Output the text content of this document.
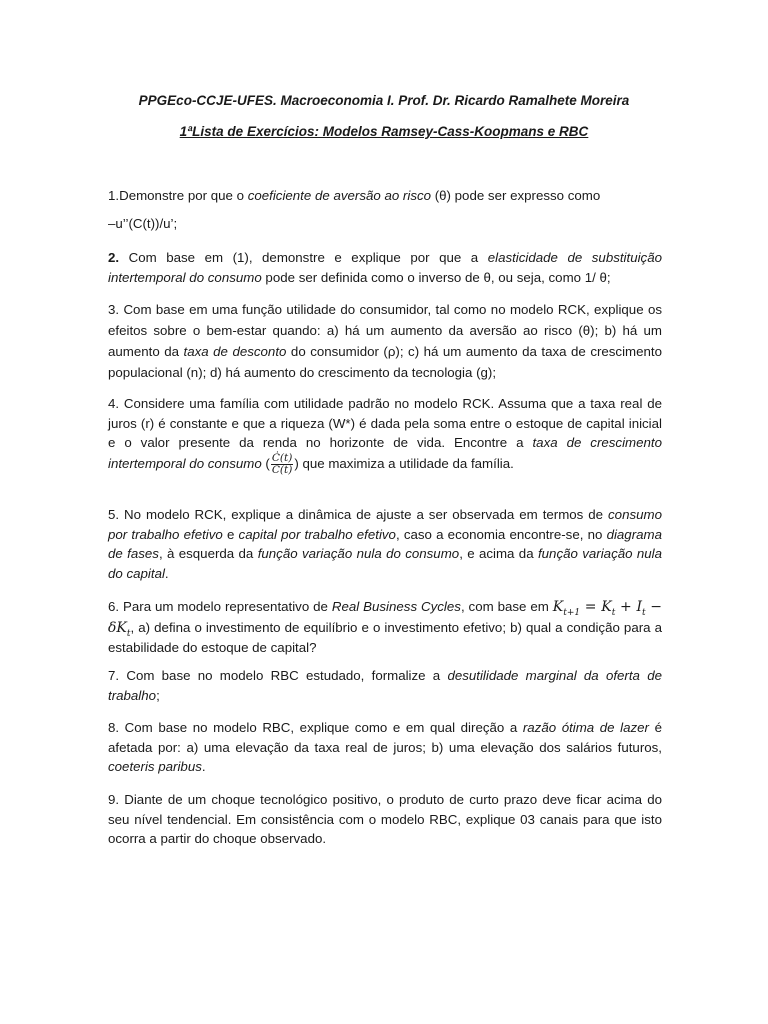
PPGEco-CCJE-UFES. Macroeconomia I. Prof. Dr. Ricardo Ramalhete Moreira
1ªLista de Exercícios: Modelos Ramsey-Cass-Koopmans e RBC
1.Demonstre por que o coeficiente de aversão ao risco (θ) pode ser expresso como
–u’’(C(t))/u’;
2. Com base em (1), demonstre e explique por que a elasticidade de substituição intertemporal do consumo pode ser definida como o inverso de θ, ou seja, como 1/ θ;
3. Com base em uma função utilidade do consumidor, tal como no modelo RCK, explique os efeitos sobre o bem-estar quando: a) há um aumento da aversão ao risco (θ); b) há um aumento da taxa de desconto do consumidor (ρ); c) há um aumento da taxa de crescimento populacional (n); d) há aumento do crescimento da tecnologia (g);
4. Considere uma família com utilidade padrão no modelo RCK. Assuma que a taxa real de juros (r) é constante e que a riqueza (W*) é dada pela soma entre o estoque de capital inicial e o valor presente da renda no horizonte de vida. Encontre a taxa de crescimento intertemporal do consumo ( $\frac{Ċ(t)}{C(t)}$ ) que maximiza a utilidade da família.
5. No modelo RCK, explique a dinâmica de ajuste a ser observada em termos de consumo por trabalho efetivo e capital por trabalho efetivo, caso a economia encontre-se, no diagrama de fases, à esquerda da função variação nula do consumo, e acima da função variação nula do capital.
6. Para um modelo representativo de Real Business Cycles, com base em $K_{t+1} = K_t + I_t - \delta K_t$, a) defina o investimento de equilíbrio e o investimento efetivo; b) qual a condição para a estabilidade do estoque de capital?
7. Com base no modelo RBC estudado, formalize a desutilidade marginal da oferta de trabalho;
8. Com base no modelo RBC, explique como e em qual direção a razão ótima de lazer é afetada por: a) uma elevação da taxa real de juros; b) uma elevação dos salários futuros, coeteris paribus.
9. Diante de um choque tecnológico positivo, o produto de curto prazo deve ficar acima do seu nível tendencial. Em consistência com o modelo RBC, explique 03 canais para que isto ocorra a partir do choque observado.
